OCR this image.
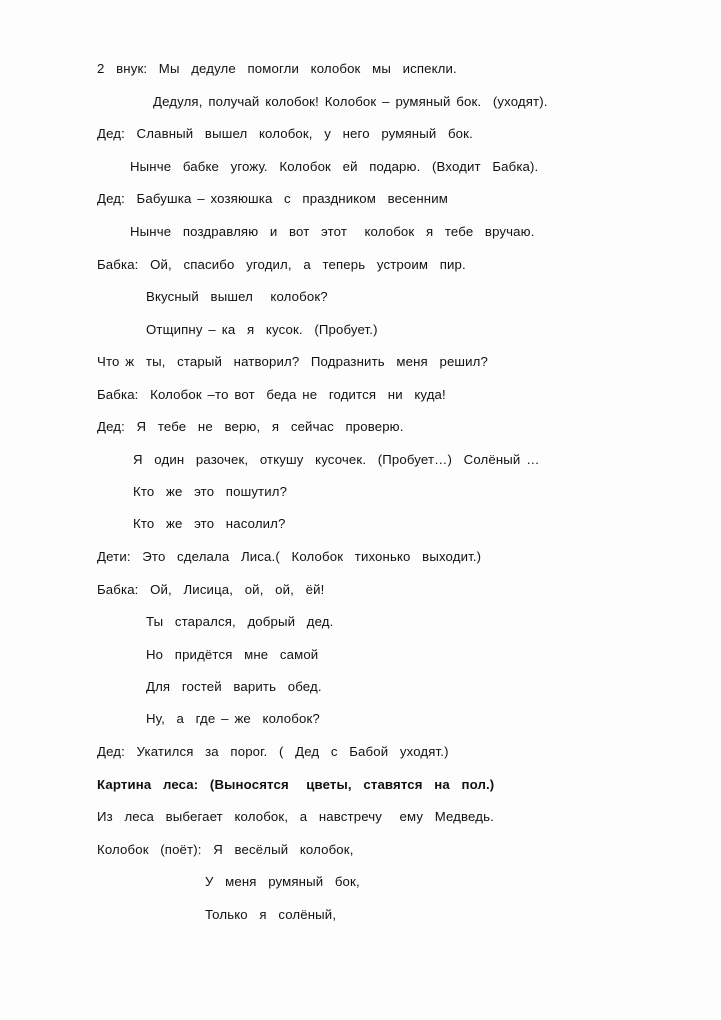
2  внук:  Мы  дедуле  помогли  колобок  мы  испекли.
Дедуля, получай колобок! Колобок – румяный бок.  (уходят).
Дед:  Славный  вышел  колобок,  у  него  румяный  бок.
Нынче  бабке  угожу.  Колобок  ей  подарю.  (Входит  Бабка).
Дед:  Бабушка – хозяюшка  с  праздником  весенним
Нынче  поздравляю  и  вот  этот   колобок  я  тебе  вручаю.
Бабка:  Ой,  спасибо  угодил,  а  теперь  устроим  пир.
Вкусный  вышел   колобок?
Отщипну – ка  я  кусок.  (Пробует.)
Что ж  ты,  старый  натворил?  Подразнить  меня  решил?
Бабка:  Колобок –то вот  беда не  годится  ни  куда!
Дед:  Я  тебе  не  верю,  я  сейчас  проверю.
Я  один  разочек,  откушу  кусочек.  (Пробует…)  Солёный …
Кто  же  это  пошутил?
Кто  же  это  насолил?
Дети:  Это  сделала  Лиса.(  Колобок  тихонько  выходит.)
Бабка:  Ой,  Лисица,  ой,  ой,  ёй!
Ты  старался,  добрый  дед.
Но  придётся  мне  самой
Для  гостей  варить  обед.
Ну,  а  где – же  колобок?
Дед:  Укатился  за  порог.  (  Дед  с  Бабой  уходят.)
Картина  леса:  (Выносятся   цветы,  ставятся  на  пол.)
Из  леса  выбегает  колобок,  а  навстречу   ему  Медведь.
Колобок  (поёт):  Я  весёлый  колобок,
У  меня  румяный  бок,
Только  я  солёный,
